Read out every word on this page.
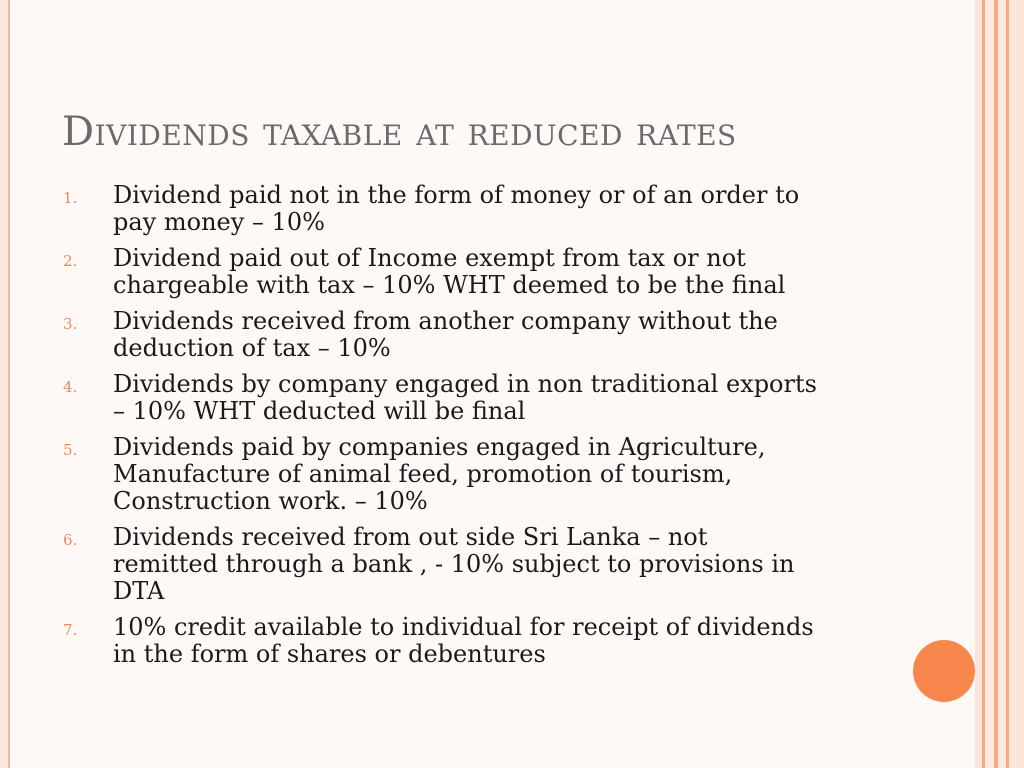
Dividends taxable at reduced rates
1. Dividend paid not in the form of money or of an order to
pay money – 10%
2. Dividend paid out of Income exempt from tax or not
chargeable with tax – 10% WHT deemed to be the final
3. Dividends received from another company without the
deduction of tax – 10%
4. Dividends by company engaged in non traditional exports
– 10% WHT deducted will be final
5. Dividends paid by companies engaged in Agriculture,
Manufacture of animal feed, promotion of tourism,
Construction work. – 10%
6. Dividends received from out side Sri Lanka – not
remitted through a bank , - 10% subject to provisions in
DTA
7. 10% credit available to individual for receipt of dividends
in the form of shares or debentures
